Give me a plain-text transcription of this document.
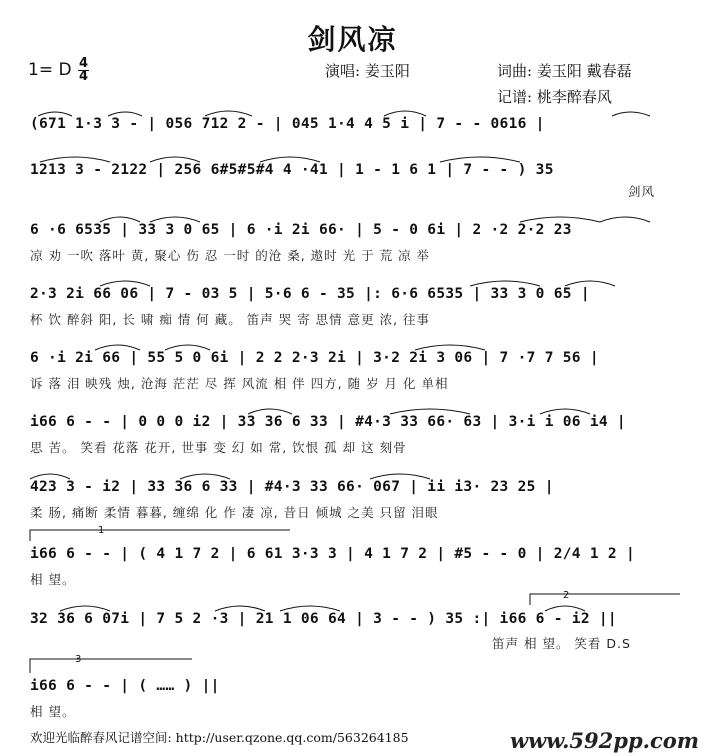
剑风凉
1= D 4
4	演唱: 姜玉阳	词曲: 姜玉阳 戴春磊
记谱: 桃李醉春风
(671 1·3 3 - | 056 712 2 - | 045 1·4 4 5 i | 7 - - 0616 |
1213 3 - 2122 | 256 6#5#5#4 4 ·41 | 1 - 1 6 1 | 7 - - ) 35
剑风
6 ·6 6535 | 33 3 0 65 | 6 ·i 2i 66· | 5 - 0 6i | 2 ·2 2·2 23
凉 劝 一吹 落叶 黄, 聚心 伤 忍 一时 的沧 桑, 遨时 光 于 荒 凉 举
2·3 2i 66 06 | 7 - 03 5 | 5·6 6 - 35 |: 6·6 6535 | 33 3 0 65 |
杯 饮 醉斜 阳, 长 啸 痴 情 何 藏。 笛声 哭 寄 思情 意更 浓, 往事
6 ·i 2i 66 | 55 5 0 6i | 2 2 2·3 2i | 3·2 2i 3 06 | 7 ·7 7 56 |
诉 落 泪 映残 烛, 沧海 茫茫 尽 挥 风流 相 伴 四方, 随 岁 月 化 单相
i66 6 - - | 0 0 0 i2 | 33 36 6 33 | #4·3 33 66· 63 | 3·i i 06 i4 |
思 苦。 笑看 花落 花开, 世事 变 幻 如 常, 饮恨 孤 却 这 刻骨
423 3 - i2 | 33 36 6 33 | #4·3 33 66· 067 | ii i3· 23 25 |
柔 肠, 痛断 柔情 暮暮, 缠绵 化 作 凄 凉, 昔日 倾城 之美 只留 泪眼
i66 6 - - | ( 4 1 7 2 | 6 61 3·3 3 | 4 1 7 2 | #5 - - 0 | 2/4 1 2 |
相 望。
32 36 6 07i | 7 5 2 ·3 | 21 1 06 64 | 3 - - ) 35 :| i66 6 - i2 ||
笛声 相 望。 笑看 D.S
i66 6 - - | ( …… ) ||
相 望。
1
2
3
欢迎光临醉春风记谱空间: http://user.qzone.qq.com/563264185	www.592pp.com
